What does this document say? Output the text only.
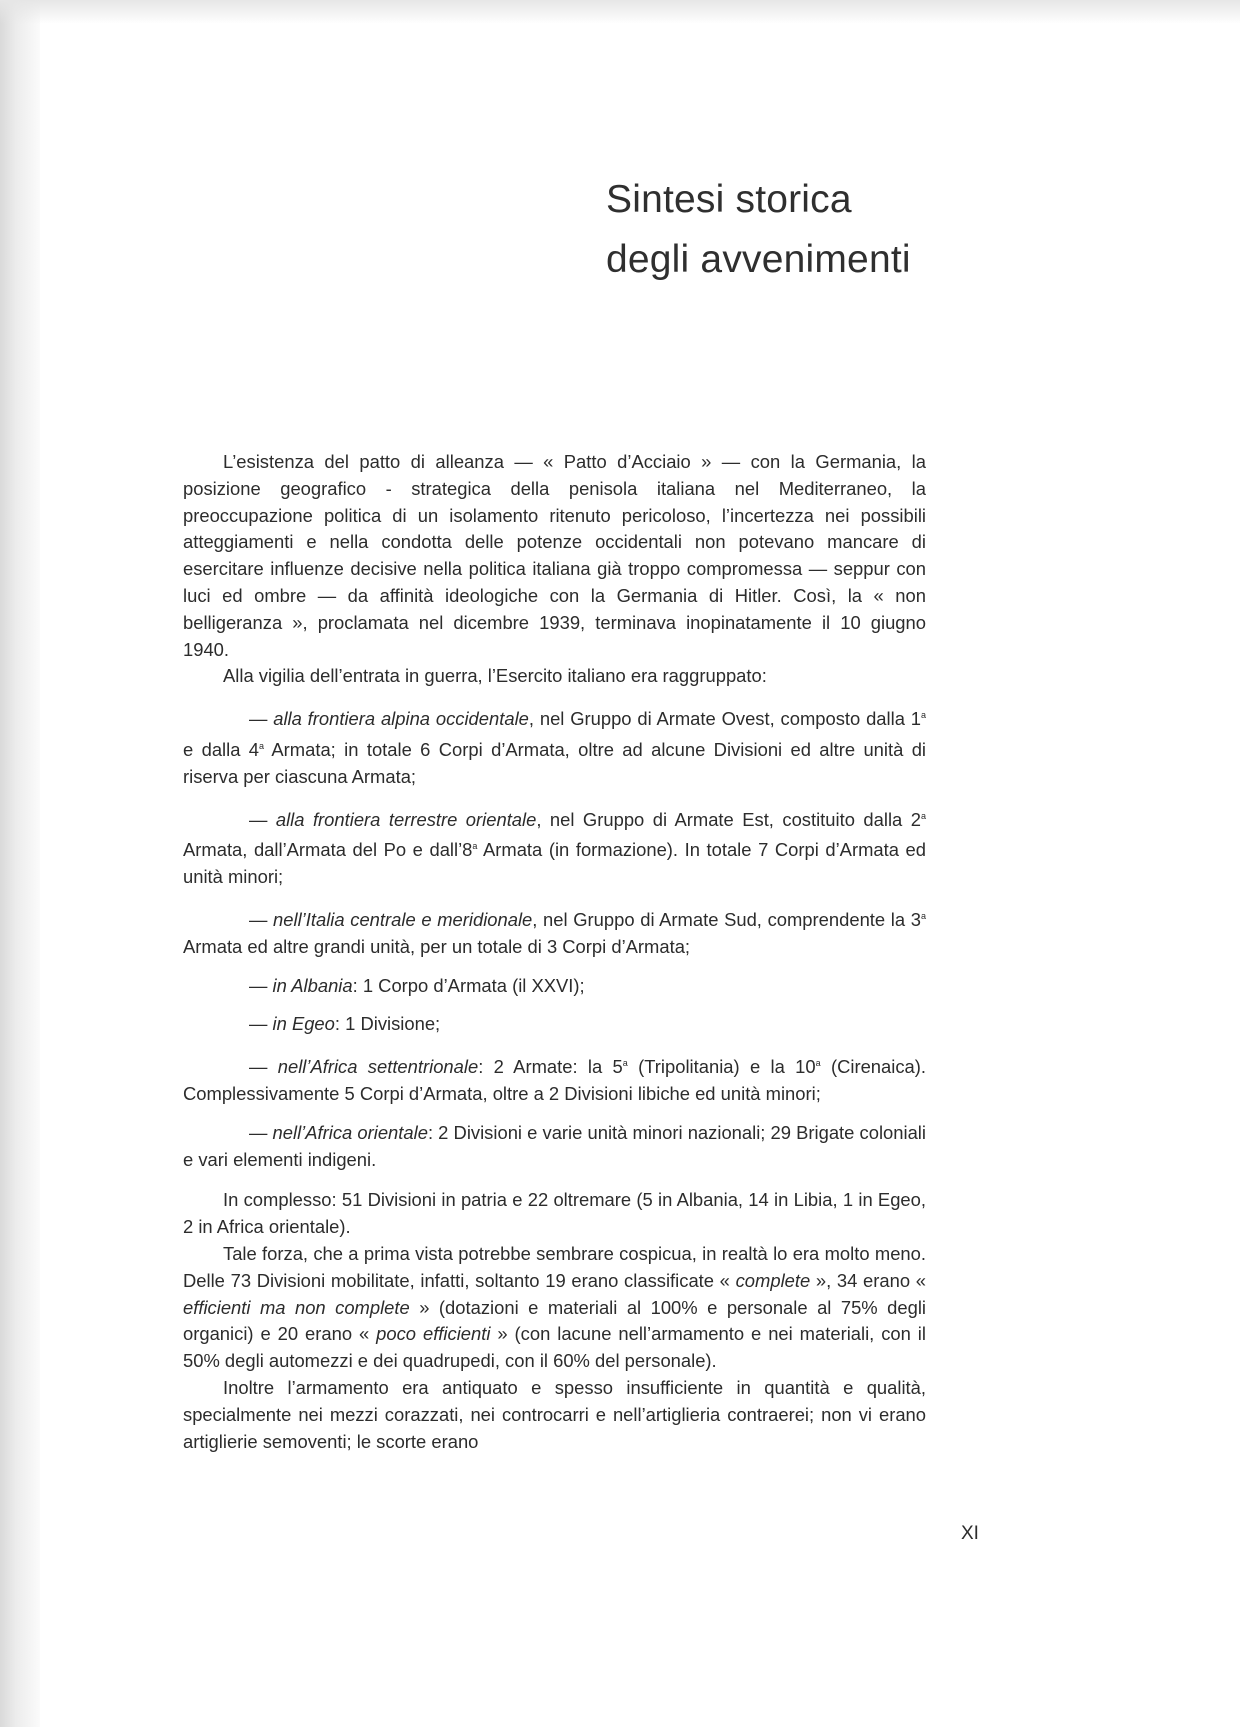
Sintesi storica
degli avvenimenti

L’esistenza del patto di alleanza — « Patto d’Acciaio » — con la Germania, la posizione geografico - strategica della penisola italiana nel Mediterraneo, la preoccupazione politica di un isolamento ritenuto pericoloso, l’incertezza nei possibili atteggiamenti e nella condotta delle potenze occidentali non potevano mancare di esercitare influenze decisive nella politica italiana già troppo compromessa — seppur con luci ed ombre — da affinità ideologiche con la Germania di Hitler. Così, la « non belligeranza », proclamata nel dicembre 1939, terminava inopinatamente il 10 giugno 1940.

Alla vigilia dell’entrata in guerra, l’Esercito italiano era raggruppato:

— alla frontiera alpina occidentale, nel Gruppo di Armate Ovest, composto dalla 1$^a$ e dalla 4$^a$ Armata; in totale 6 Corpi d’Armata, oltre ad alcune Divisioni ed altre unità di riserva per ciascuna Armata;

— alla frontiera terrestre orientale, nel Gruppo di Armate Est, costituito dalla 2$^a$ Armata, dall’Armata del Po e dall’8$^a$ Armata (in formazione). In totale 7 Corpi d’Armata ed unità minori;

— nell’Italia centrale e meridionale, nel Gruppo di Armate Sud, comprendente la 3$^a$ Armata ed altre grandi unità, per un totale di 3 Corpi d’Armata;

— in Albania: 1 Corpo d’Armata (il XXVI);

— in Egeo: 1 Divisione;

— nell’Africa settentrionale: 2 Armate: la 5$^a$ (Tripolitania) e la 10$^a$ (Cirenaica). Complessivamente 5 Corpi d’Armata, oltre a 2 Divisioni libiche ed unità minori;

— nell’Africa orientale: 2 Divisioni e varie unità minori nazionali; 29 Brigate coloniali e vari elementi indigeni.

In complesso: 51 Divisioni in patria e 22 oltremare (5 in Albania, 14 in Libia, 1 in Egeo, 2 in Africa orientale).

Tale forza, che a prima vista potrebbe sembrare cospicua, in realtà lo era molto meno. Delle 73 Divisioni mobilitate, infatti, soltanto 19 erano classificate « complete », 34 erano « efficienti ma non complete » (dotazioni e materiali al 100% e personale al 75% degli organici) e 20 erano « poco efficienti » (con lacune nell’armamento e nei materiali, con il 50% degli automezzi e dei quadrupedi, con il 60% del personale).

Inoltre l’armamento era antiquato e spesso insufficiente in quantità e qualità, specialmente nei mezzi corazzati, nei controcarri e nell’artiglieria contraerei; non vi erano artiglierie semoventi; le scorte erano

XI
